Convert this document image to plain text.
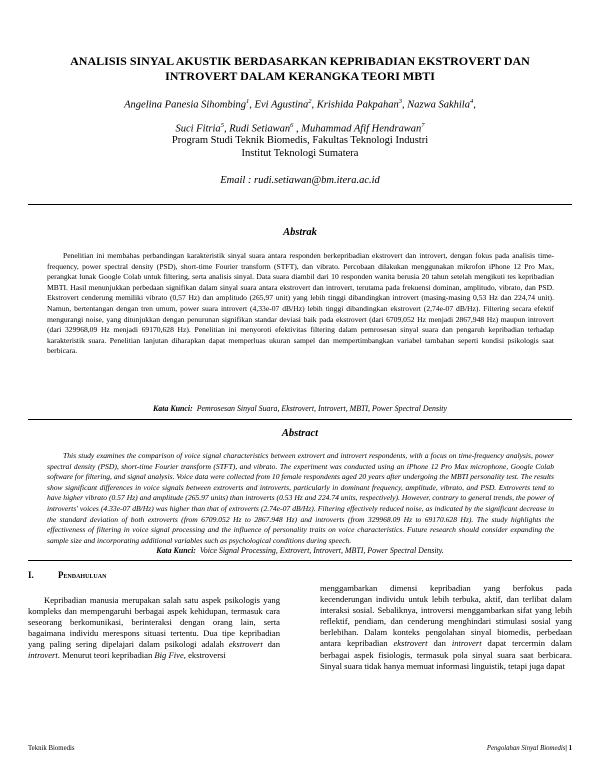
ANALISIS SINYAL AKUSTIK BERDASARKAN KEPRIBADIAN EKSTROVERT DAN
INTROVERT DALAM KERANGKA TEORI MBTI
Angelina Panesia Sihombing$^1$, Evi Agustina$^2$, Krishida Pakpahan$^3$, Nazwa Sakhila$^4$,
Suci Fitria$^5$, Rudi Setiawan$^6$ , Muhammad Afif Hendrawan$^7$
Program Studi Teknik Biomedis, Fakultas Teknologi Industri
Institut Teknologi Sumatera
Email : rudi.setiawan@bm.itera.ac.id
Abstrak

Penelitian ini membahas perbandingan karakteristik sinyal suara antara responden berkepribadian ekstrovert dan introvert, dengan fokus pada analisis time-frequency, power spectral density (PSD), short-time Fourier transform (STFT), dan vibrato. Percobaan dilakukan menggunakan mikrofon iPhone 12 Pro Max, perangkat lunak Google Colab untuk filtering, serta analisis sinyal. Data suara diambil dari 10 responden wanita berusia 20 tahun setelah mengikuti tes kepribadian MBTI. Hasil menunjukkan perbedaan signifikan dalam sinyal suara antara ekstrovert dan introvert, terutama pada frekuensi dominan, amplitudo, vibrato, dan PSD. Ekstrovert cenderung memiliki vibrato (0,57 Hz) dan amplitudo (265,97 unit) yang lebih tinggi dibandingkan introvert (masing-masing 0,53 Hz dan 224,74 unit). Namun, bertentangan dengan tren umum, power suara introvert (4,33e-07 dB/Hz) lebih tinggi dibandingkan ekstrovert (2,74e-07 dB/Hz). Filtering secara efektif mengurangi noise, yang ditunjukkan dengan penurunan signifikan standar deviasi baik pada ekstrovert (dari 6709,052 Hz menjadi 2867,948 Hz) maupun introvert (dari 329968,09 Hz menjadi 69170,628 Hz). Penelitian ini menyoroti efektivitas filtering dalam pemrosesan sinyal suara dan pengaruh kepribadian terhadap karakteristik suara. Penelitian lanjutan diharapkan dapat memperluas ukuran sampel dan mempertimbangkan variabel tambahan seperti kondisi psikologis saat berbicara.

Kata Kunci: Pemrosesan Sinyal Suara, Ekstrovert, Introvert, MBTI, Power Spectral Density
Abstract

This study examines the comparison of voice signal characteristics between extrovert and introvert respondents, with a focus on time-frequency analysis, power spectral density (PSD), short-time Fourier transform (STFT), and vibrato. The experiment was conducted using an iPhone 12 Pro Max microphone, Google Colab software for filtering, and signal analysis. Voice data were collected from 10 female respondents aged 20 years after undergoing the MBTI personality test. The results show significant differences in voice signals between extroverts and introverts, particularly in dominant frequency, amplitude, vibrato, and PSD. Extroverts tend to have higher vibrato (0.57 Hz) and amplitude (265.97 units) than introverts (0.53 Hz and 224.74 units, respectively). However, contrary to general trends, the power of introverts' voices (4.33e-07 dB/Hz) was higher than that of extroverts (2.74e-07 dB/Hz). Filtering effectively reduced noise, as indicated by the significant decrease in the standard deviation of both extroverts (from 6709.052 Hz to 2867.948 Hz) and introverts (from 329968.09 Hz to 69170.628 Hz). The study highlights the effectiveness of filtering in voice signal processing and the influence of personality traits on voice characteristics. Future research should consider expanding the sample size and incorporating additional variables such as psychological conditions during speech.

Kata Kunci: Voice Signal Processing, Extrovert, Introvert, MBTI, Power Spectral Density.
I.	Pendahuluan

Kepribadian manusia merupakan salah satu aspek psikologis yang kompleks dan mempengaruhi berbagai aspek kehidupan, termasuk cara seseorang berkomunikasi, berinteraksi dengan orang lain, serta bagaimana individu merespons situasi tertentu. Dua tipe kepribadian yang paling sering dipelajari dalam psikologi adalah ekstrovert dan introvert. Menurut teori kepribadian Big Five, ekstroversi

menggambarkan dimensi kepribadian yang berfokus pada kecenderungan individu untuk lebih terbuka, aktif, dan terlibat dalam interaksi sosial. Sebaliknya, introversi menggambarkan sifat yang lebih reflektif, pendiam, dan cenderung menghindari stimulasi sosial yang berlebihan. Dalam konteks pengolahan sinyal biomedis, perbedaan antara kepribadian ekstrovert dan introvert dapat tercermin dalam berbagai aspek fisiologis, termasuk pola sinyal suara saat berbicara. Sinyal suara tidak hanya memuat informasi linguistik, tetapi juga dapat

Teknik Biomedis	Pengolahan Sinyal Biomedis| 1
